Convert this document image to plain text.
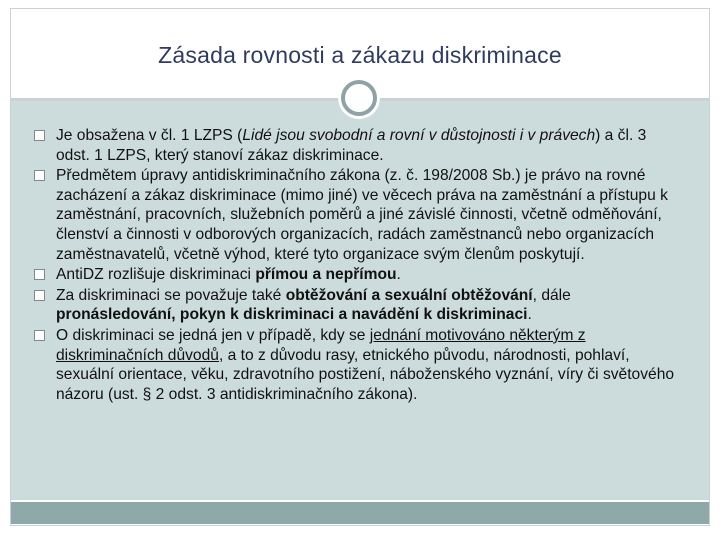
Zásada rovnosti a zákazu diskriminace
Je obsažena v čl. 1 LZPS (Lidé jsou svobodní a rovní v důstojnosti i v právech) a čl. 3 odst. 1 LZPS, který stanoví zákaz diskriminace.
Předmětem úpravy antidiskriminačního zákona (z. č. 198/2008 Sb.) je právo na rovné zacházení a zákaz diskriminace (mimo jiné) ve věcech práva na zaměstnání a přístupu k zaměstnání, pracovních, služebních poměrů a jiné závislé činnosti, včetně odměňování, členství a činnosti v odborových organizacích, radách zaměstnanců nebo organizacích zaměstnavatelů, včetně výhod, které tyto organizace svým členům poskytují.
AntiDZ rozlišuje diskriminaci přímou a nepřímou.
Za diskriminaci se považuje také obtěžování a sexuální obtěžování, dále pronásledování, pokyn k diskriminaci a navádění k diskriminaci.
O diskriminaci se jedná jen v případě, kdy se jednání motivováno některým z diskriminačních důvodů, a to z důvodu rasy, etnického původu, národnosti, pohlaví, sexuální orientace, věku, zdravotního postižení, náboženského vyznání, víry či světového názoru (ust. § 2 odst. 3 antidiskriminačního zákona).
